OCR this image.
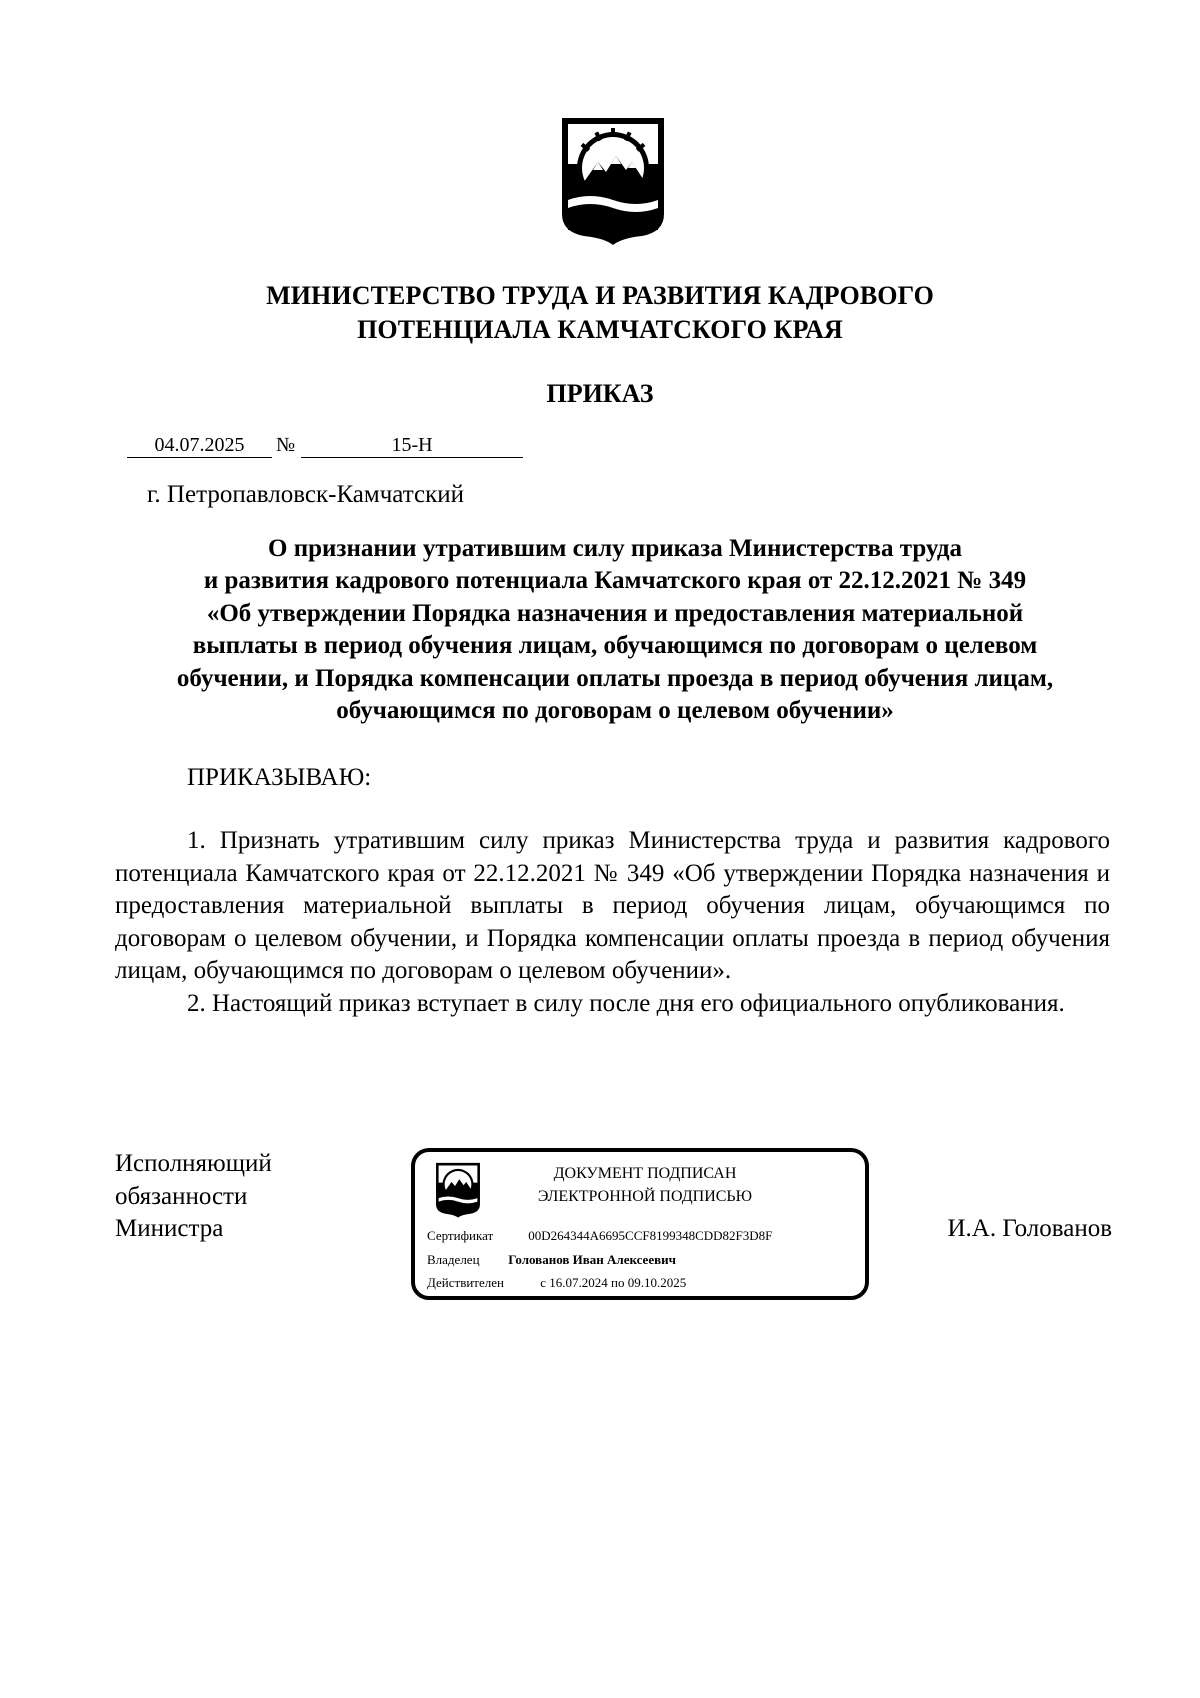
МИНИСТЕРСТВО ТРУДА И РАЗВИТИЯ КАДРОВОГО
ПОТЕНЦИАЛА КАМЧАТСКОГО КРАЯ
ПРИКАЗ
04.07.2025	№	15-Н
г. Петропавловск-Камчатский
О признании утратившим силу приказа Министерства труда
и развития кадрового потенциала Камчатского края от 22.12.2021 № 349
«Об утверждении Порядка назначения и предоставления материальной
выплаты в период обучения лицам, обучающимся по договорам о целевом
обучении, и Порядка компенсации оплаты проезда в период обучения лицам,
обучающимся по договорам о целевом обучении»
ПРИКАЗЫВАЮ:

1. Признать утратившим силу приказ Министерства труда и развития кадрового потенциала Камчатского края от 22.12.2021 № 349 «Об утверждении Порядка назначения и предоставления материальной выплаты в период обучения лицам, обучающимся по договорам о целевом обучении, и Порядка компенсации оплаты проезда в период обучения лицам, обучающимся по договорам о целевом обучении».

2. Настоящий приказ вступает в силу после дня его официального опубликования.

Исполняющий
обязанности
Министра
ДОКУМЕНТ ПОДПИСАН
ЭЛЕКТРОННОЙ ПОДПИСЬЮ
Сертификат	00D264344A6695CCF8199348CDD82F3D8F
Владелец Голованов Иван Алексеевич
Действителен	с 16.07.2024 по 09.10.2025
И.А. Голованов
